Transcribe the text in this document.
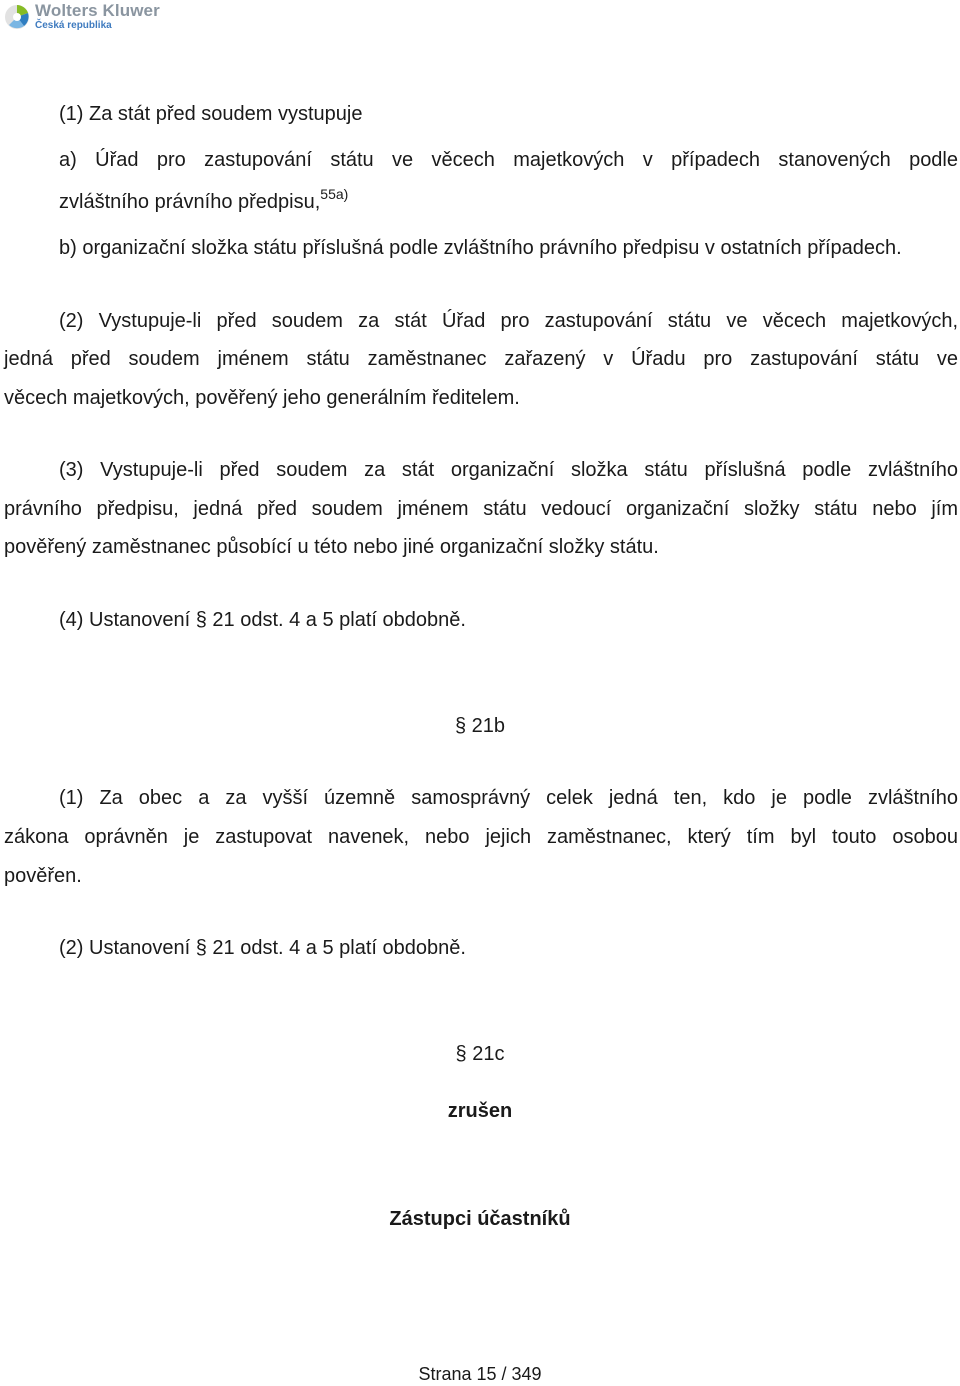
Wolters Kluwer
Česká republika
(1) Za stát před soudem vystupuje
a) Úřad pro zastupování státu ve věcech majetkových v případech stanovených podle
zvláštního právního předpisu,$^{55a)}$
b) organizační složka státu příslušná podle zvláštního právního předpisu v ostatních případech.
(2) Vystupuje-li před soudem za stát Úřad pro zastupování státu ve věcech majetkových,
jedná před soudem jménem státu zaměstnanec zařazený v Úřadu pro zastupování státu ve
věcech majetkových, pověřený jeho generálním ředitelem.
(3) Vystupuje-li před soudem za stát organizační složka státu příslušná podle zvláštního
právního předpisu, jedná před soudem jménem státu vedoucí organizační složky státu nebo jím
pověřený zaměstnanec působící u této nebo jiné organizační složky státu.
(4) Ustanovení § 21 odst. 4 a 5 platí obdobně.
§ 21b
(1) Za obec a za vyšší územně samosprávný celek jedná ten, kdo je podle zvláštního
zákona oprávněn je zastupovat navenek, nebo jejich zaměstnanec, který tím byl touto osobou
pověřen.
(2) Ustanovení § 21 odst. 4 a 5 platí obdobně.
§ 21c
zrušen
Zástupci účastníků
Strana 15 / 349
